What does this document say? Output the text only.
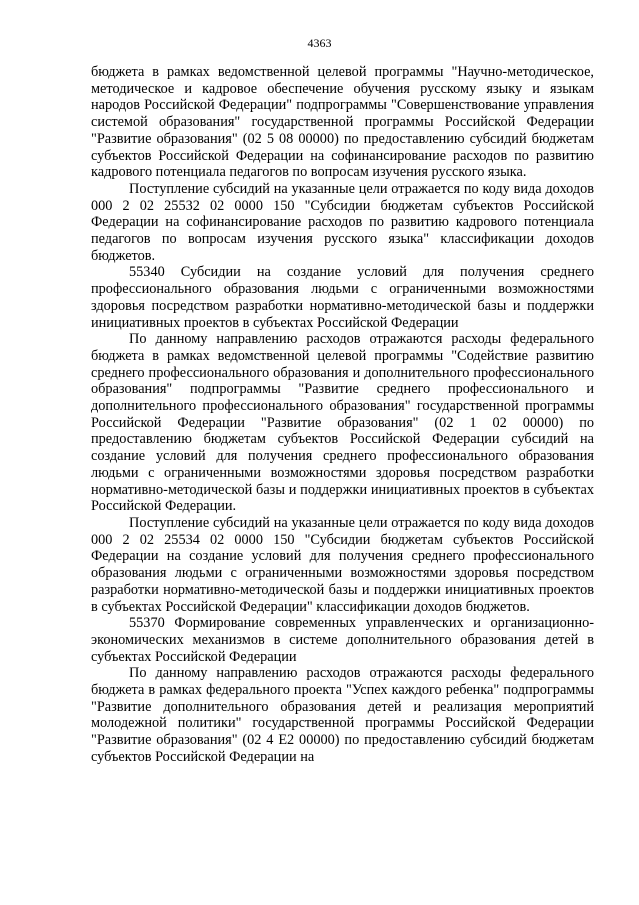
4363

бюджета в рамках ведомственной целевой программы "Научно-методическое, методическое и кадровое обеспечение обучения русскому языку и языкам народов Российской Федерации" подпрограммы "Совершенствование управления системой образования" государственной программы Российской Федерации "Развитие образования" (02 5 08 00000) по предоставлению субсидий бюджетам субъектов Российской Федерации на софинансирование расходов по развитию кадрового потенциала педагогов по вопросам изучения русского языка.

Поступление субсидий на указанные цели отражается по коду вида доходов 000 2 02 25532 02 0000 150 "Субсидии бюджетам субъектов Российской Федерации на софинансирование расходов по развитию кадрового потенциала педагогов по вопросам изучения русского языка" классификации доходов бюджетов.

55340 Субсидии на создание условий для получения среднего профессионального образования людьми с ограниченными возможностями здоровья посредством разработки нормативно-методической базы и поддержки инициативных проектов в субъектах Российской Федерации

По данному направлению расходов отражаются расходы федерального бюджета в рамках ведомственной целевой программы "Содействие развитию среднего профессионального образования и дополнительного профессионального образования" подпрограммы "Развитие среднего профессионального и дополнительного профессионального образования" государственной программы Российской Федерации "Развитие образования" (02 1 02 00000) по предоставлению бюджетам субъектов Российской Федерации субсидий на создание условий для получения среднего профессионального образования людьми с ограниченными возможностями здоровья посредством разработки нормативно-методической базы и поддержки инициативных проектов в субъектах Российской Федерации.

Поступление субсидий на указанные цели отражается по коду вида доходов 000 2 02 25534 02 0000 150 "Субсидии бюджетам субъектов Российской Федерации на создание условий для получения среднего профессионального образования людьми с ограниченными возможностями здоровья посредством разработки нормативно-методической базы и поддержки инициативных проектов в субъектах Российской Федерации" классификации доходов бюджетов.

55370 Формирование современных управленческих и организационно-экономических механизмов в системе дополнительного образования детей в субъектах Российской Федерации

По данному направлению расходов отражаются расходы федерального бюджета в рамках федерального проекта "Успех каждого ребенка" подпрограммы "Развитие дополнительного образования детей и реализация мероприятий молодежной политики" государственной программы Российской Федерации "Развитие образования" (02 4 Е2 00000) по предоставлению субсидий бюджетам субъектов Российской Федерации на
